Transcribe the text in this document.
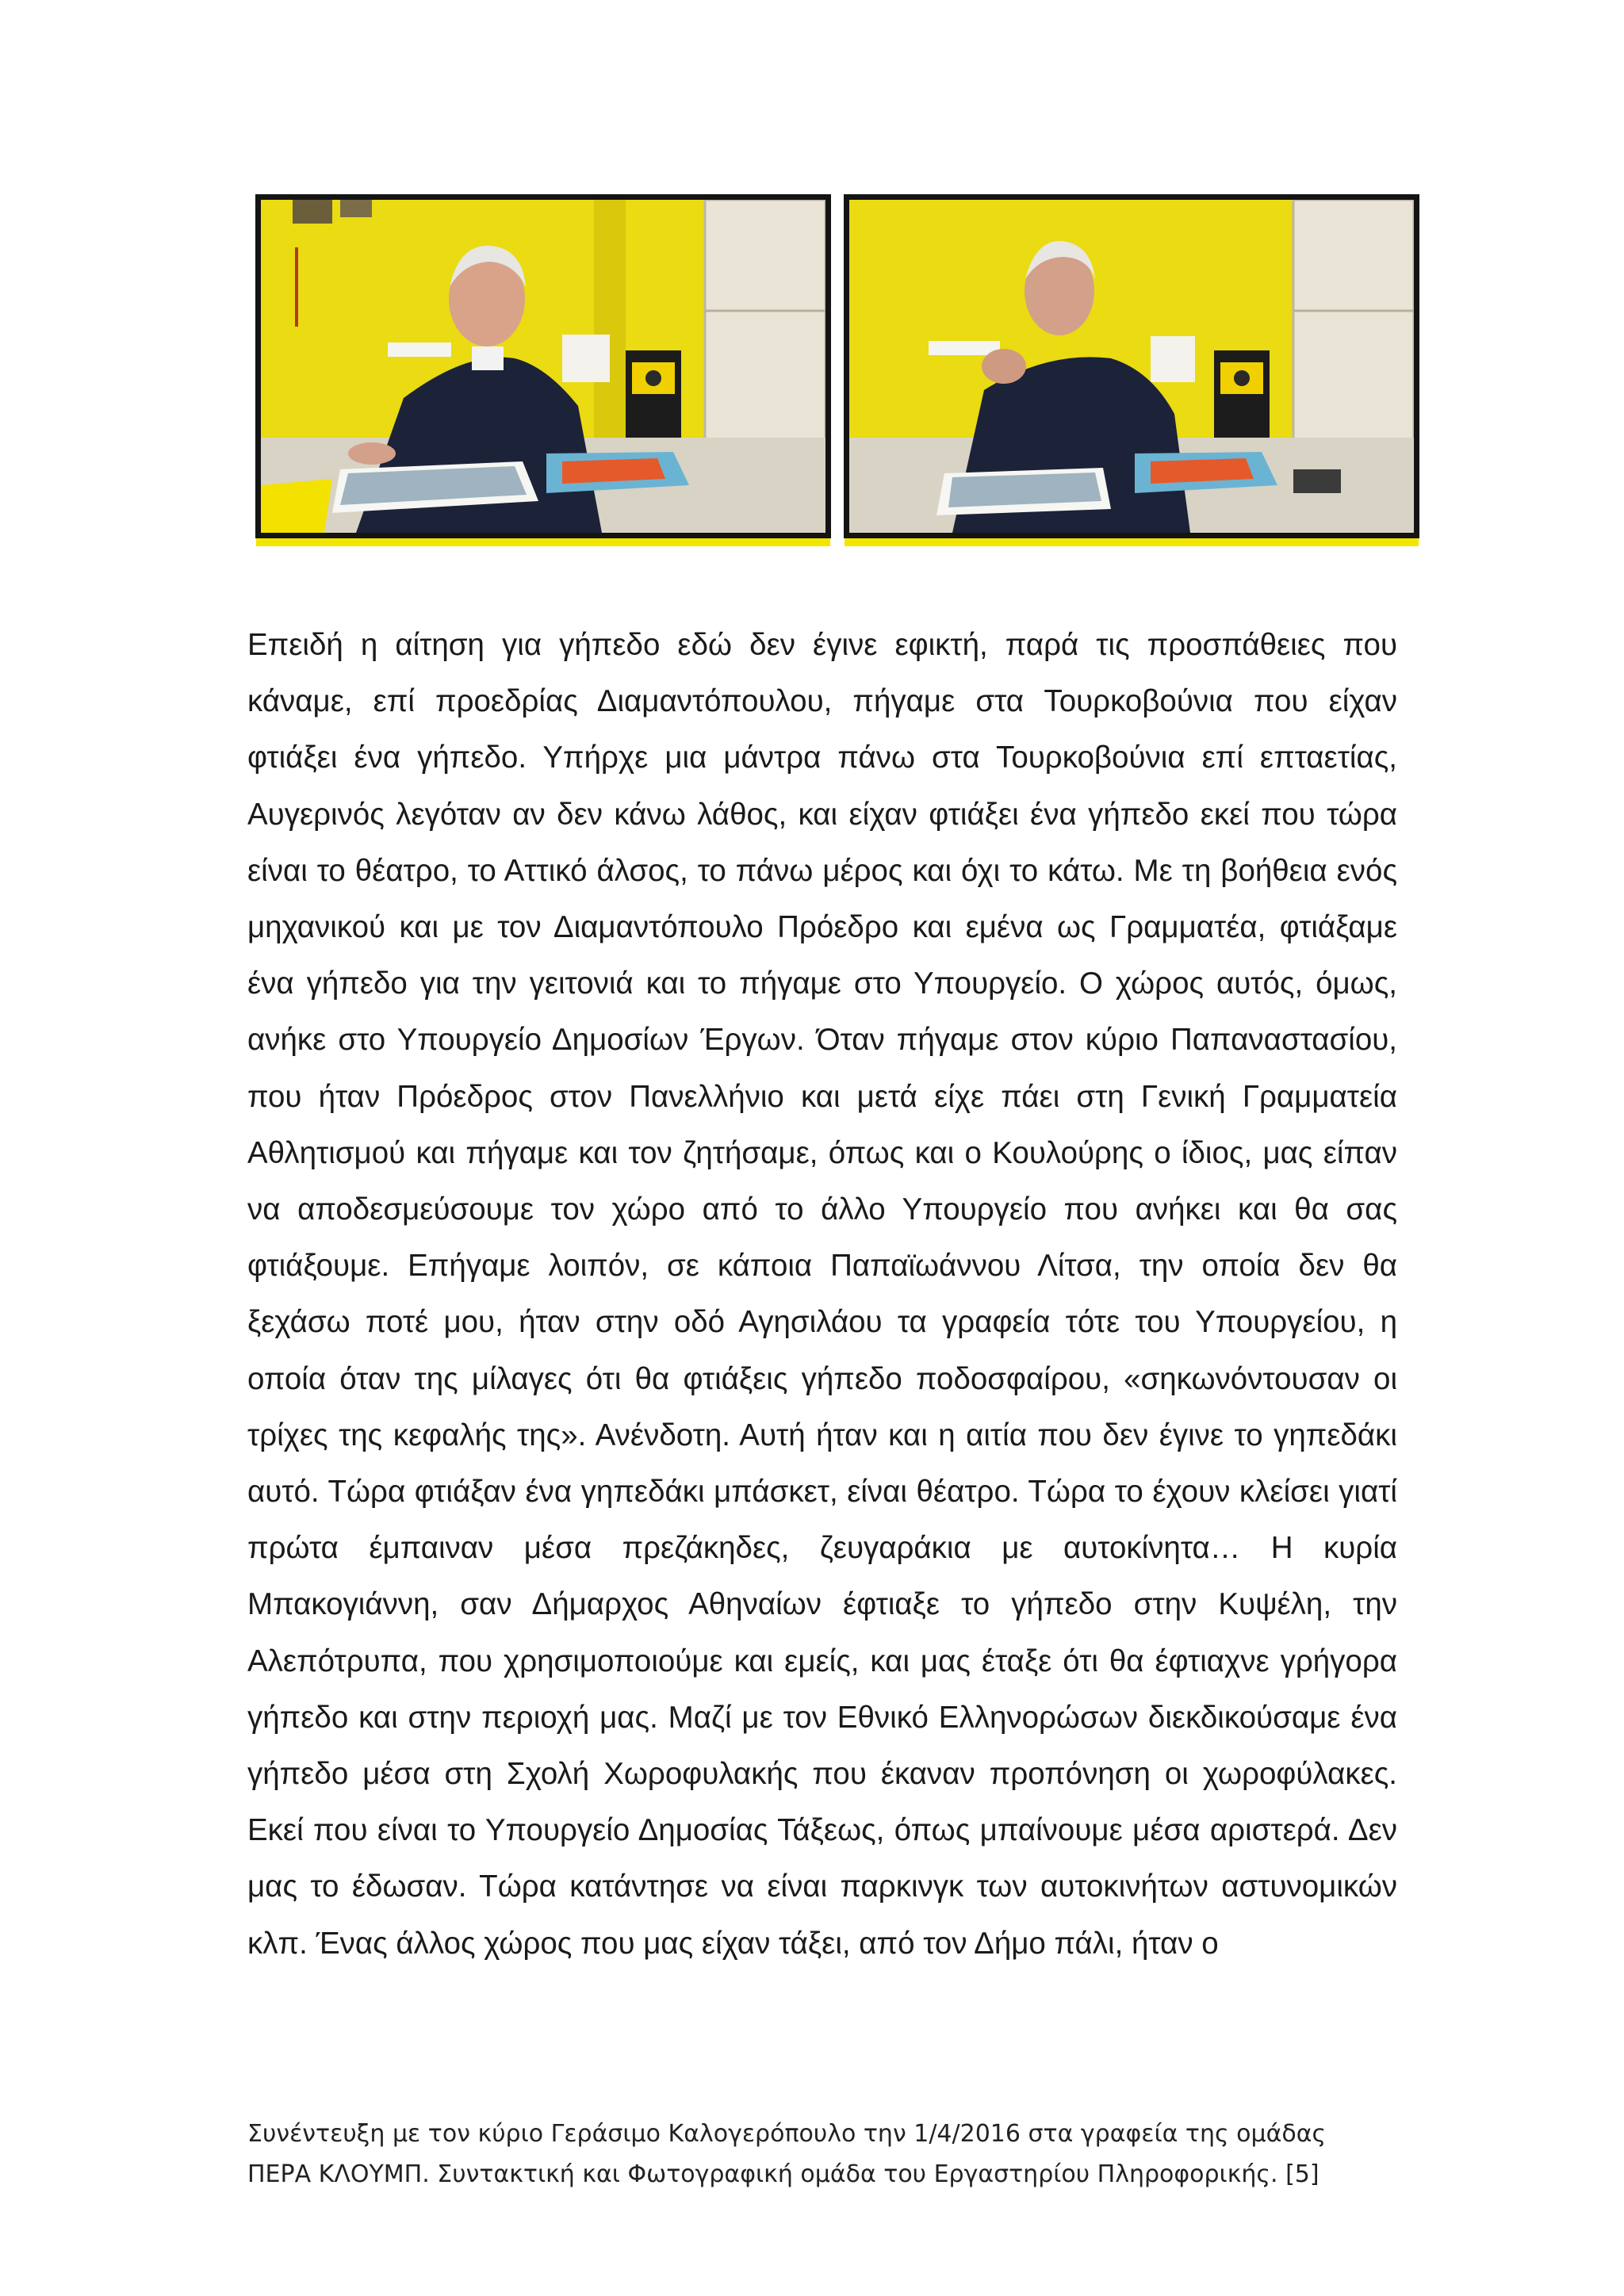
Επειδή η αίτηση για γήπεδο εδώ δεν έγινε εφικτή, παρά τις προσπάθειες που κάναμε, επί προεδρίας Διαμαντόπουλου, πήγαμε στα Τουρκοβούνια που είχαν φτιάξει ένα γήπεδο. Υπήρχε μια μάντρα πάνω στα Τουρκοβούνια επί επταετίας, Αυγερινός λεγόταν αν δεν κάνω λάθος, και είχαν φτιάξει ένα γήπεδο εκεί που τώρα είναι το θέατρο, το Αττικό άλσος, το πάνω μέρος και όχι το κάτω. Με τη βοήθεια ενός μηχανικού και με τον Διαμαντόπουλο Πρόεδρο και εμένα ως Γραμματέα, φτιάξαμε ένα γήπεδο για την γειτονιά και το πήγαμε στο Υπουργείο. Ο χώρος αυτός, όμως, ανήκε στο Υπουργείο Δημοσίων Έργων. Όταν πήγαμε στον κύριο Παπαναστασίου, που ήταν Πρόεδρος στον Πανελλήνιο και μετά είχε πάει στη Γενική Γραμματεία Αθλητισμού και πήγαμε και τον ζητήσαμε, όπως και ο Κουλούρης ο ίδιος, μας είπαν να αποδεσμεύσουμε τον χώρο από το άλλο Υπουργείο που ανήκει και θα σας φτιάξουμε. Επήγαμε λοιπόν, σε κάποια Παπαϊωάννου Λίτσα, την οποία δεν θα ξεχάσω ποτέ μου, ήταν στην οδό Αγησιλάου τα γραφεία τότε του Υπουργείου, η οποία όταν της μίλαγες ότι θα φτιάξεις γήπεδο ποδοσφαίρου, «σηκωνόντουσαν οι τρίχες της κεφαλής της». Ανένδοτη. Αυτή ήταν και η αιτία που δεν έγινε το γηπεδάκι αυτό. Τώρα φτιάξαν ένα γηπεδάκι μπάσκετ, είναι θέατρο. Τώρα το έχουν κλείσει γιατί πρώτα έμπαιναν μέσα πρεζάκηδες, ζευγαράκια με αυτοκίνητα… Η κυρία Μπακογιάννη, σαν Δήμαρχος Αθηναίων έφτιαξε το γήπεδο στην Κυψέλη, την Αλεπότρυπα, που χρησιμοποιούμε και εμείς, και μας έταξε ότι θα έφτιαχνε γρήγορα γήπεδο και στην περιοχή μας. Μαζί με τον Εθνικό Ελληνορώσων διεκδικούσαμε ένα γήπεδο μέσα στη Σχολή Χωροφυλακής που έκαναν προπόνηση οι χωροφύλακες. Εκεί που είναι το Υπουργείο Δημοσίας Τάξεως, όπως μπαίνουμε μέσα αριστερά. Δεν μας το έδωσαν. Τώρα κατάντησε να είναι παρκινγκ των αυτοκινήτων αστυνομικών κλπ. Ένας άλλος χώρος που μας είχαν τάξει, από τον Δήμο πάλι, ήταν ο

Συνέντευξη με τον κύριο Γεράσιμο Καλογερόπουλο την 1/4/2016 στα γραφεία της ομάδας
ΠΕΡΑ ΚΛΟΥΜΠ. Συντακτική και Φωτογραφική ομάδα του Εργαστηρίου Πληροφορικής. [5]
